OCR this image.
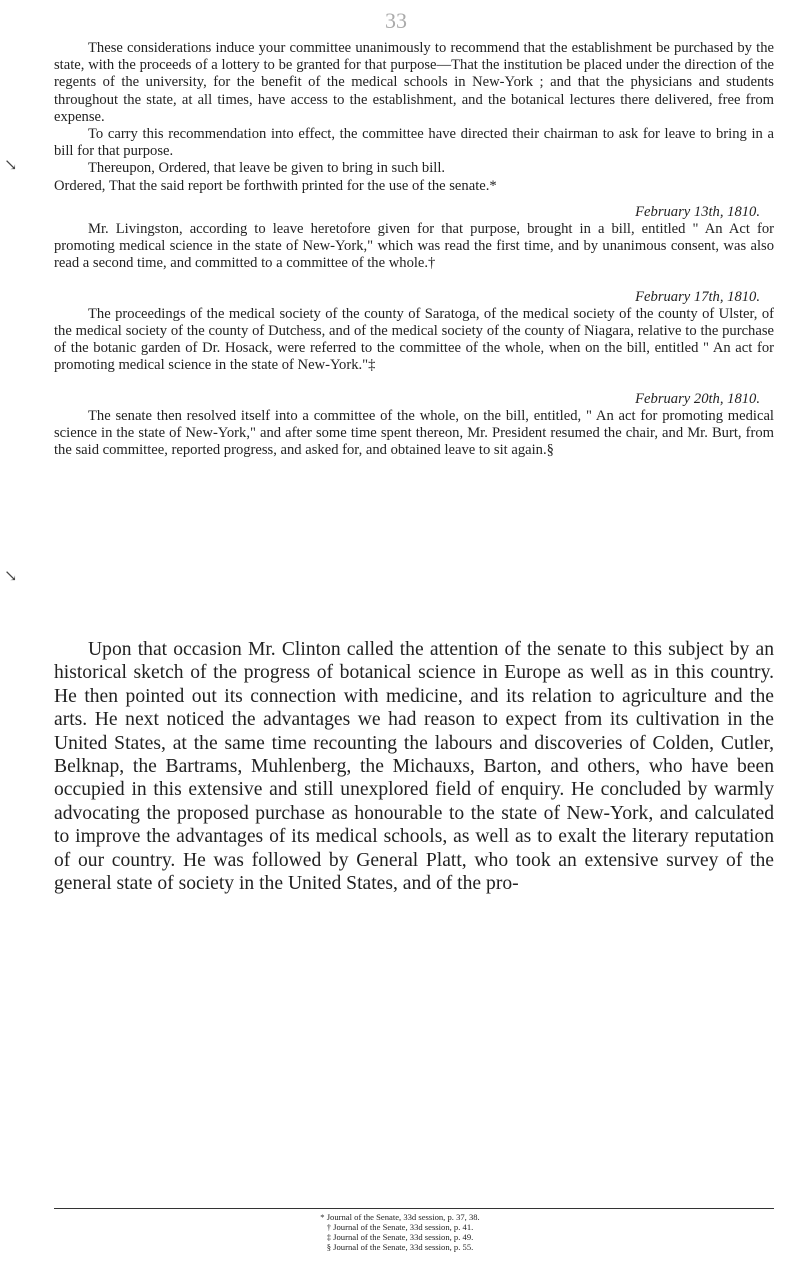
33

These considerations induce your committee unanimously to recommend that the establishment be purchased by the state, with the proceeds of a lottery to be granted for that purpose—That the institution be placed under the direction of the regents of the university, for the benefit of the medical schools in New-York ; and that the physicians and students throughout the state, at all times, have access to the establishment, and the botanical lectures there delivered, free from expense.

To carry this recommendation into effect, the committee have directed their chairman to ask for leave to bring in a bill for that purpose.

Thereupon, Ordered, that leave be given to bring in such bill.

Ordered, That the said report be forthwith printed for the use of the senate.*

February 13th, 1810.

Mr. Livingston, according to leave heretofore given for that purpose, brought in a bill, entitled " An Act for promoting medical science in the state of New-York," which was read the first time, and by unanimous consent, was also read a second time, and committed to a committee of the whole.†

February 17th, 1810.

The proceedings of the medical society of the county of Saratoga, of the medical society of the county of Ulster, of the medical society of the county of Dutchess, and of the medical society of the county of Niagara, relative to the purchase of the botanic garden of Dr. Hosack, were referred to the committee of the whole, when on the bill, entitled " An act for promoting medical science in the state of New-York."‡

February 20th, 1810.

The senate then resolved itself into a committee of the whole, on the bill, entitled, " An act for promoting medical science in the state of New-York," and after some time spent thereon, Mr. President resumed the chair, and Mr. Burt, from the said committee, reported progress, and asked for, and obtained leave to sit again.§

↘
↘

Upon that occasion Mr. Clinton called the attention of the senate to this subject by an historical sketch of the progress of botanical science in Europe as well as in this country. He then pointed out its connection with medicine, and its relation to agriculture and the arts. He next noticed the advantages we had reason to expect from its cultivation in the United States, at the same time recounting the labours and discoveries of Colden, Cutler, Belknap, the Bartrams, Muhlenberg, the Michauxs, Barton, and others, who have been occupied in this extensive and still unexplored field of enquiry. He concluded by warmly advocating the proposed purchase as honourable to the state of New-York, and calculated to improve the advantages of its medical schools, as well as to exalt the literary reputation of our country. He was followed by General Platt, who took an extensive survey of the general state of society in the United States, and of the pro-

* Journal of the Senate, 33d session, p. 37, 38.
† Journal of the Senate, 33d session, p. 41.
‡ Journal of the Senate, 33d session, p. 49.
§ Journal of the Senate, 33d session, p. 55.
